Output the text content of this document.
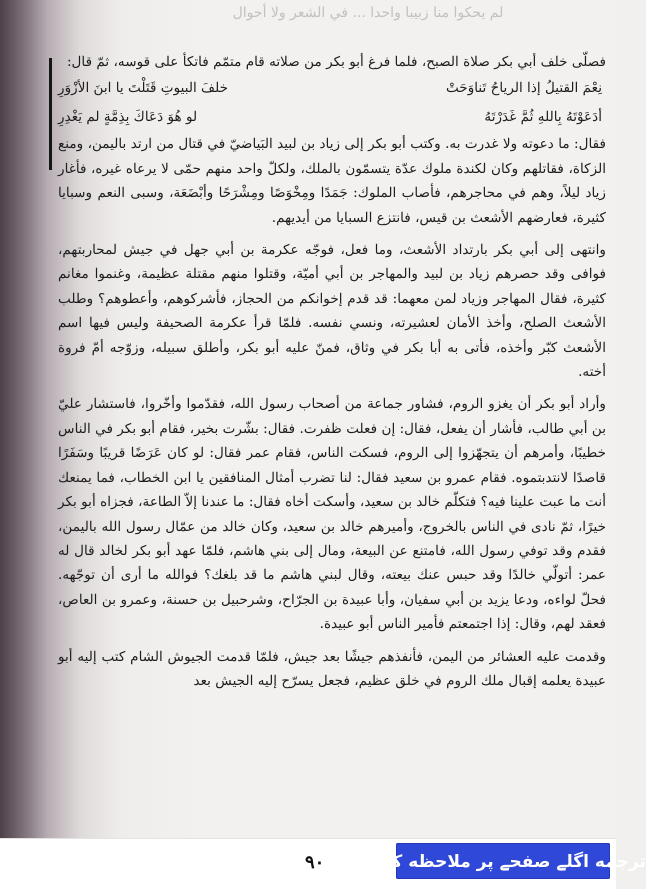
لم يحكوا منا زبيبا واحدا ... في الشعر ولا أحوال

فصلّى خلف أبي بكر صلاة الصبح، فلما فرغ أبو بكر من صلاته قام متمّم فاتكأ على قوسه، ثمّ قال:

نِعْمَ القتيلُ إذا الرياحُ تَناوَحَتْ
خلفَ البيوتِ قَتَلْتَ يا ابنَ الأزْوَرِ
أدَعَوْتَهُ بِاللهِ ثُمَّ غَدَرْتَهُ
لو هُوَ دَعَاكَ بِذِمَّةٍ لم يَغْدِرِ

فقال: ما دعوته ولا غدرت به. وكتب أبو بكر إلى زياد بن لبيد البَياضيّ في قتال من ارتد باليمن، ومنع الزكاة، فقاتلهم وكان لكندة ملوك عدّة يتسمّون بالملك، ولكلّ واحد منهم حمّى لا يرعاه غيره، فأغار زياد ليلاً، وهم في محاجرهم، فأصاب الملوك: جَمَدًا ومِخْوَصًا ومِشْرَحًا وأبْضَعَة، وسبى النعم وسبايا كثيرة، فعارضهم الأشعث بن قيس، فانتزع السبايا من أيديهم.

وانتهى إلى أبي بكر بارتداد الأشعث، وما فعل، فوجّه عكرمة بن أبي جهل في جيش لمحاربتهم، فوافى وقد حصرهم زياد بن لبيد والمهاجر بن أبي أميّة، وقتلوا منهم مقتلة عظيمة، وغنموا مغانم كثيرة، فقال المهاجر وزياد لمن معهما: قد قدم إخوانكم من الحجاز، فأشركوهم، وأعطوهم؟ وطلب الأشعث الصلح، وأخذ الأمان لعشيرته، ونسي نفسه. فلمّا قرأ عكرمة الصحيفة وليس فيها اسم الأشعث كبّر وأخذه، فأتى به أبا بكر في وثاق، فمنّ عليه أبو بكر، وأطلق سبيله، وزوّجه أمّ فروة أخته.

وأراد أبو بكر أن يغزو الروم، فشاور جماعة من أصحاب رسول الله، فقدّموا وأخّروا، فاستشار عليّ بن أبي طالب، فأشار أن يفعل، فقال: إن فعلت ظفرت. فقال: بشّرت بخير، فقام أبو بكر في الناس خطيبًا، وأمرهم أن يتجهّزوا إلى الروم، فسكت الناس، فقام عمر فقال: لو كان عَرَضًا قريبًا وسَفَرًا قاصدًا لانتدبتموه. فقام عمرو بن سعيد فقال: لنا تضرب أمثال المنافقين يا ابن الخطاب، فما يمنعك أنت ما عبت علينا فيه؟ فتكلّم خالد بن سعيد، وأسكت أخاه فقال: ما عندنا إلاّ الطاعة، فجزاه أبو بكر خيرًا، ثمّ نادى في الناس بالخروج، وأميرهم خالد بن سعيد، وكان خالد من عمّال رسول الله باليمن، فقدم وقد توفي رسول الله، فامتنع عن البيعة، ومال إلى بني هاشم، فلمّا عهد أبو بكر لخالد قال له عمر: أتولّي خالدًا وقد حبس عنك بيعته، وقال لبني هاشم ما قد بلغك؟ فوالله ما أرى أن توجّهه. فحلّ لواءه، ودعا يزيد بن أبي سفيان، وأبا عبيدة بن الجرّاح، وشرحبيل بن حسنة، وعمرو بن العاص، فعقد لهم، وقال: إذا اجتمعتم فأمير الناس أبو عبيدة.

وقدمت عليه العشائر من اليمن، فأنفذهم جيشًا بعد جيش، فلمّا قدمت الجيوش الشام كتب إليه أبو عبيدة يعلمه إقبال ملك الروم في خلق عظيم، فجعل يسرّح إليه الجيش بعد

٩٠ ترجمه اگلے صفحے پر ملاحظه كريں
